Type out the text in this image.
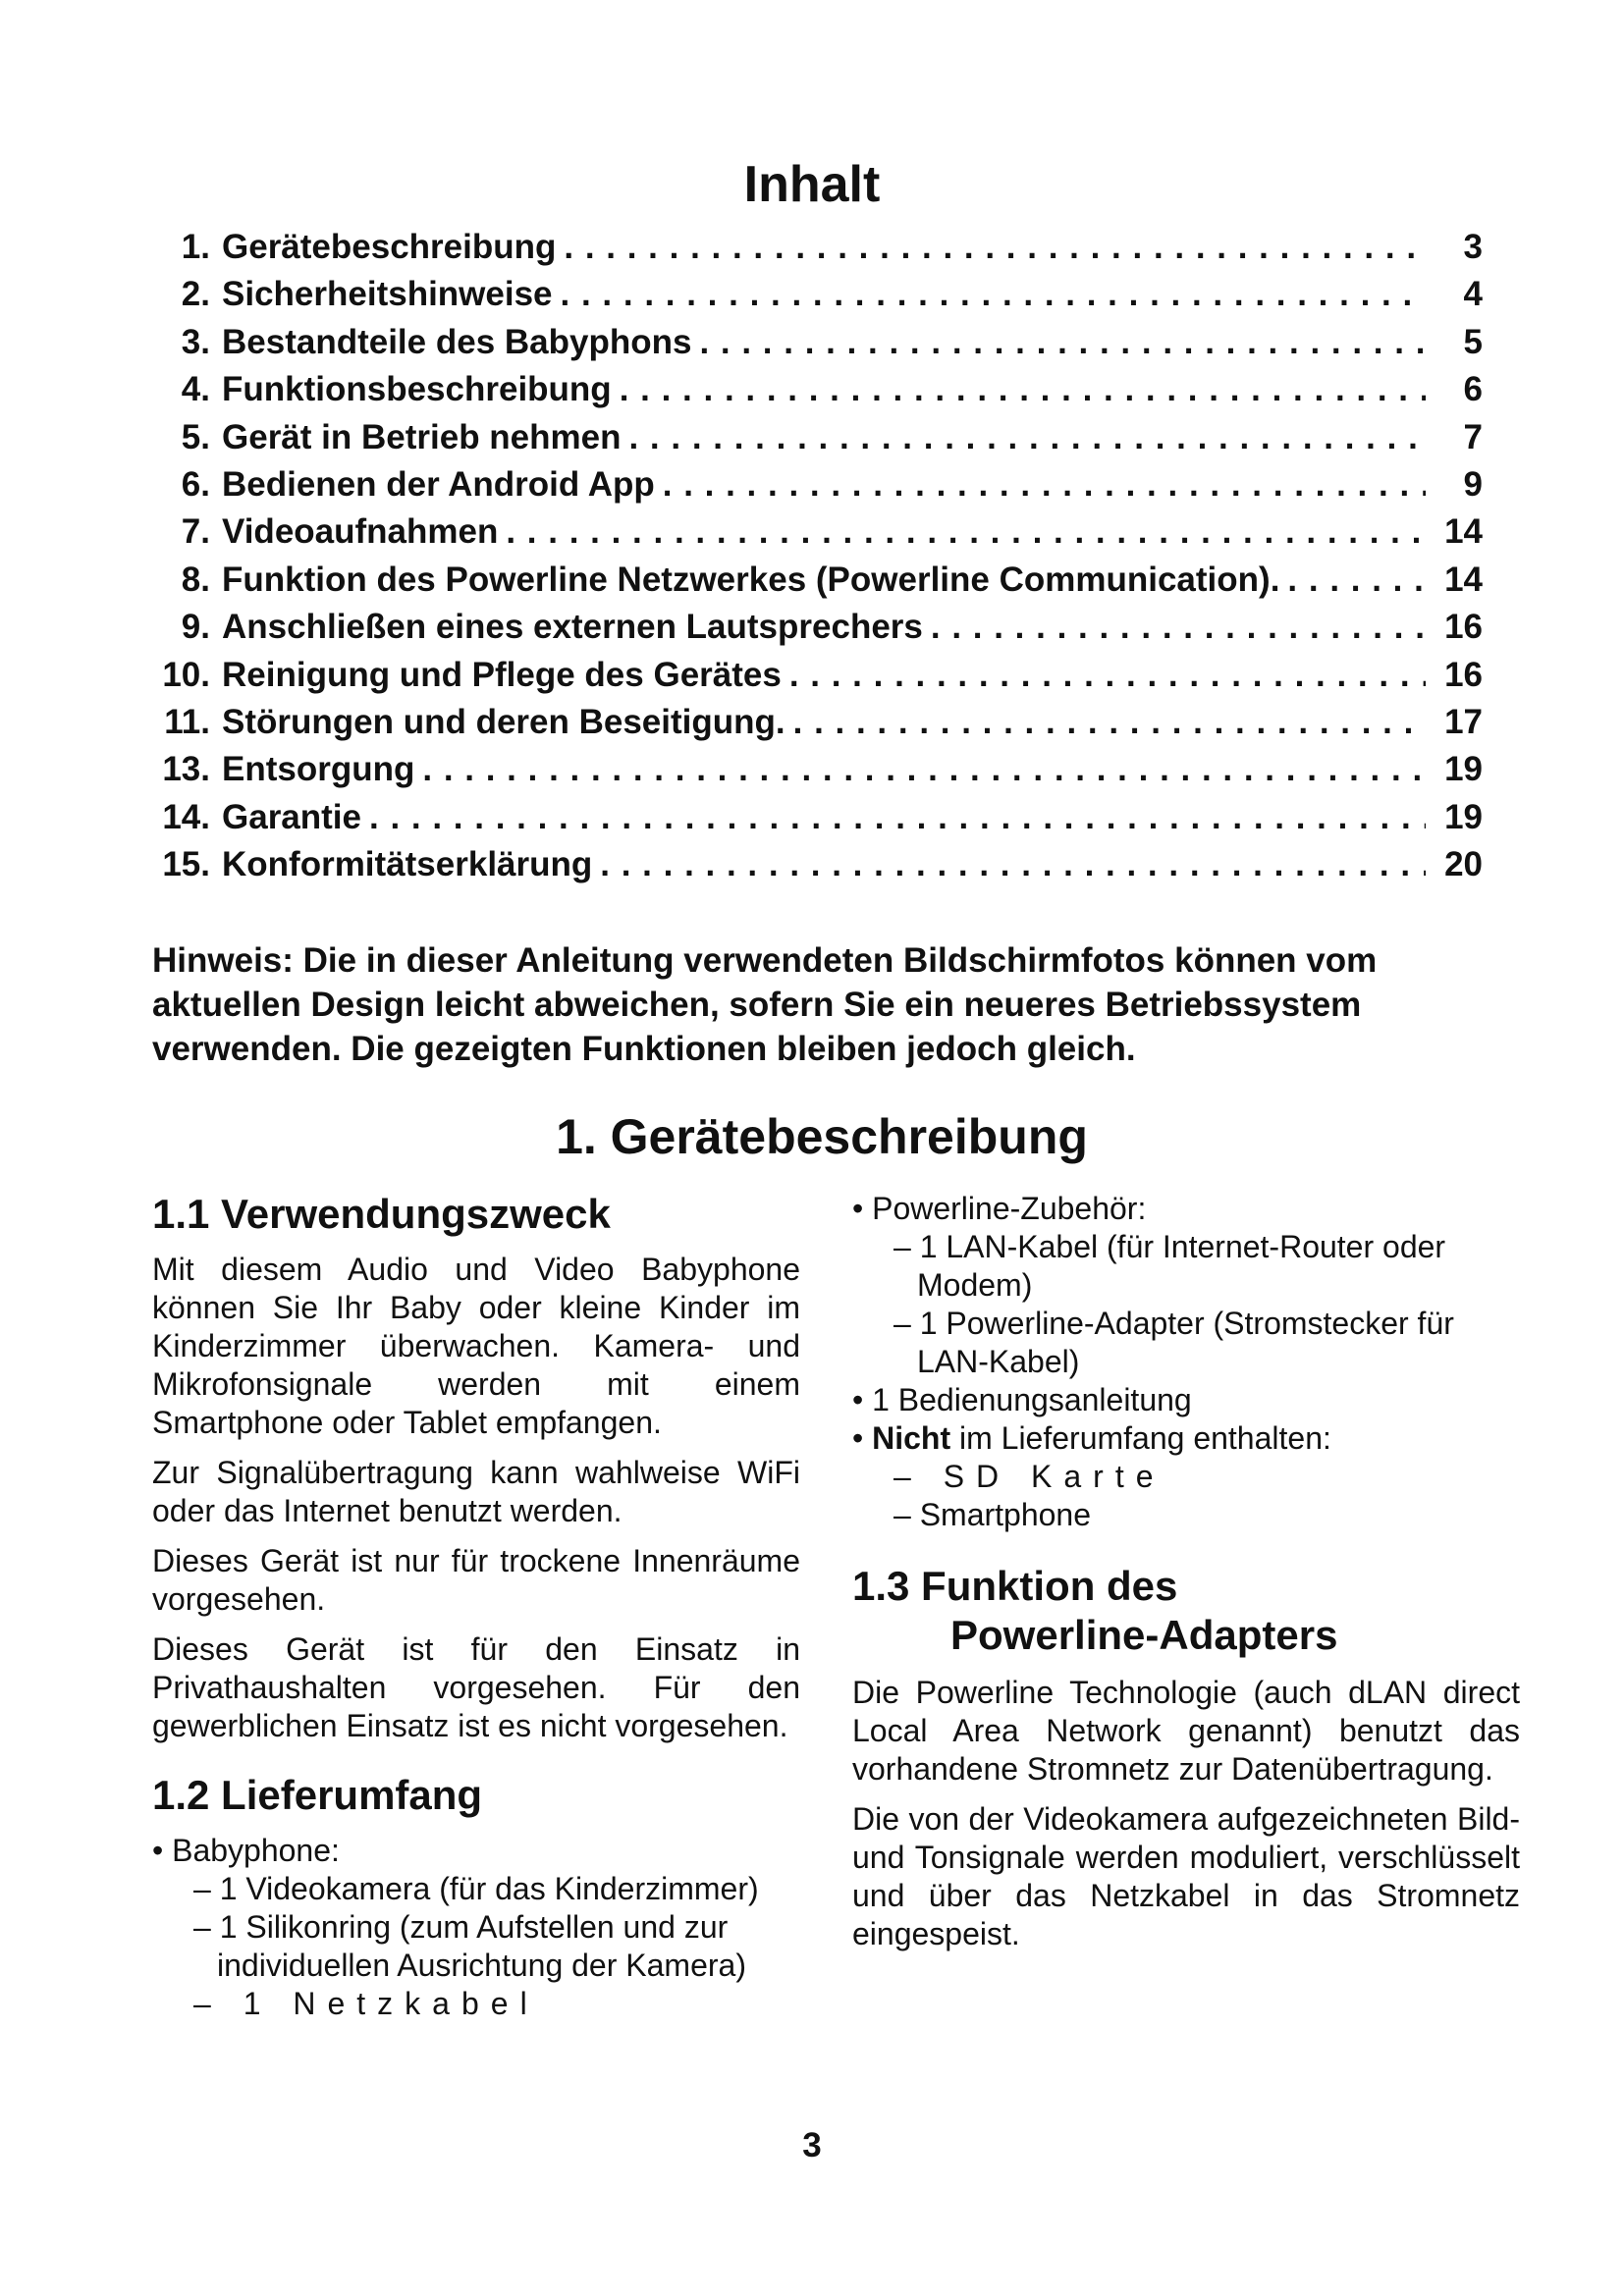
Inhalt
1. Gerätebeschreibung . . .	3
2. Sicherheitshinweise . . .	4
3. Bestandteile des Babyphons . . .	5
4. Funktionsbeschreibung . . .	6
5. Gerät in Betrieb nehmen . . .	7
6. Bedienen der Android App . . .	9
7. Videoaufnahmen . . .	14
8. Funktion des Powerline Netzwerkes (Powerline Communication). . . .	14
9. Anschließen eines externen Lautsprechers . . .	16
10. Reinigung und Pflege des Gerätes . . .	16
11. Störungen und deren Beseitigung. . . .	17
13. Entsorgung . . .	19
14. Garantie . . .	19
15. Konformitätserklärung . . .	20
Hinweis: Die in dieser Anleitung verwendeten Bildschirmfotos können vom aktuellen Design leicht abweichen, sofern Sie ein neueres Betriebssystem verwenden. Die gezeigten Funktionen bleiben jedoch gleich.
1. Gerätebeschreibung
1.1 Verwendungszweck
Mit diesem Audio und Video Babyphone können Sie Ihr Baby oder kleine Kinder im Kinderzimmer überwachen. Kamera- und Mikrofonsignale werden mit einem Smartphone oder Tablet empfangen.
Zur Signalübertragung kann wahlweise WiFi oder das Internet benutzt werden.
Dieses Gerät ist nur für trockene Innenräume vorgesehen.
Dieses Gerät ist für den Einsatz in Privathaushalten vorgesehen. Für den gewerblichen Einsatz ist es nicht vorgesehen.
1.2 Lieferumfang
• Babyphone:
– 1 Videokamera (für das Kinderzimmer)
– 1 Silikonring (zum Aufstellen und zur individuellen Ausrichtung der Kamera)
– 1 Netzkabel
• Powerline-Zubehör:
– 1 LAN-Kabel (für Internet-Router oder Modem)
– 1 Powerline-Adapter (Stromstecker für LAN-Kabel)
• 1 Bedienungsanleitung
• Nicht im Lieferumfang enthalten:
– SD Karte
– Smartphone
1.3 Funktion des
Powerline-Adapters
Die Powerline Technologie (auch dLAN direct Local Area Network genannt) benutzt das vorhandene Stromnetz zur Datenübertragung.
Die von der Videokamera aufgezeichneten Bild- und Tonsignale werden moduliert, verschlüsselt und über das Netzkabel in das Stromnetz eingespeist.
3
